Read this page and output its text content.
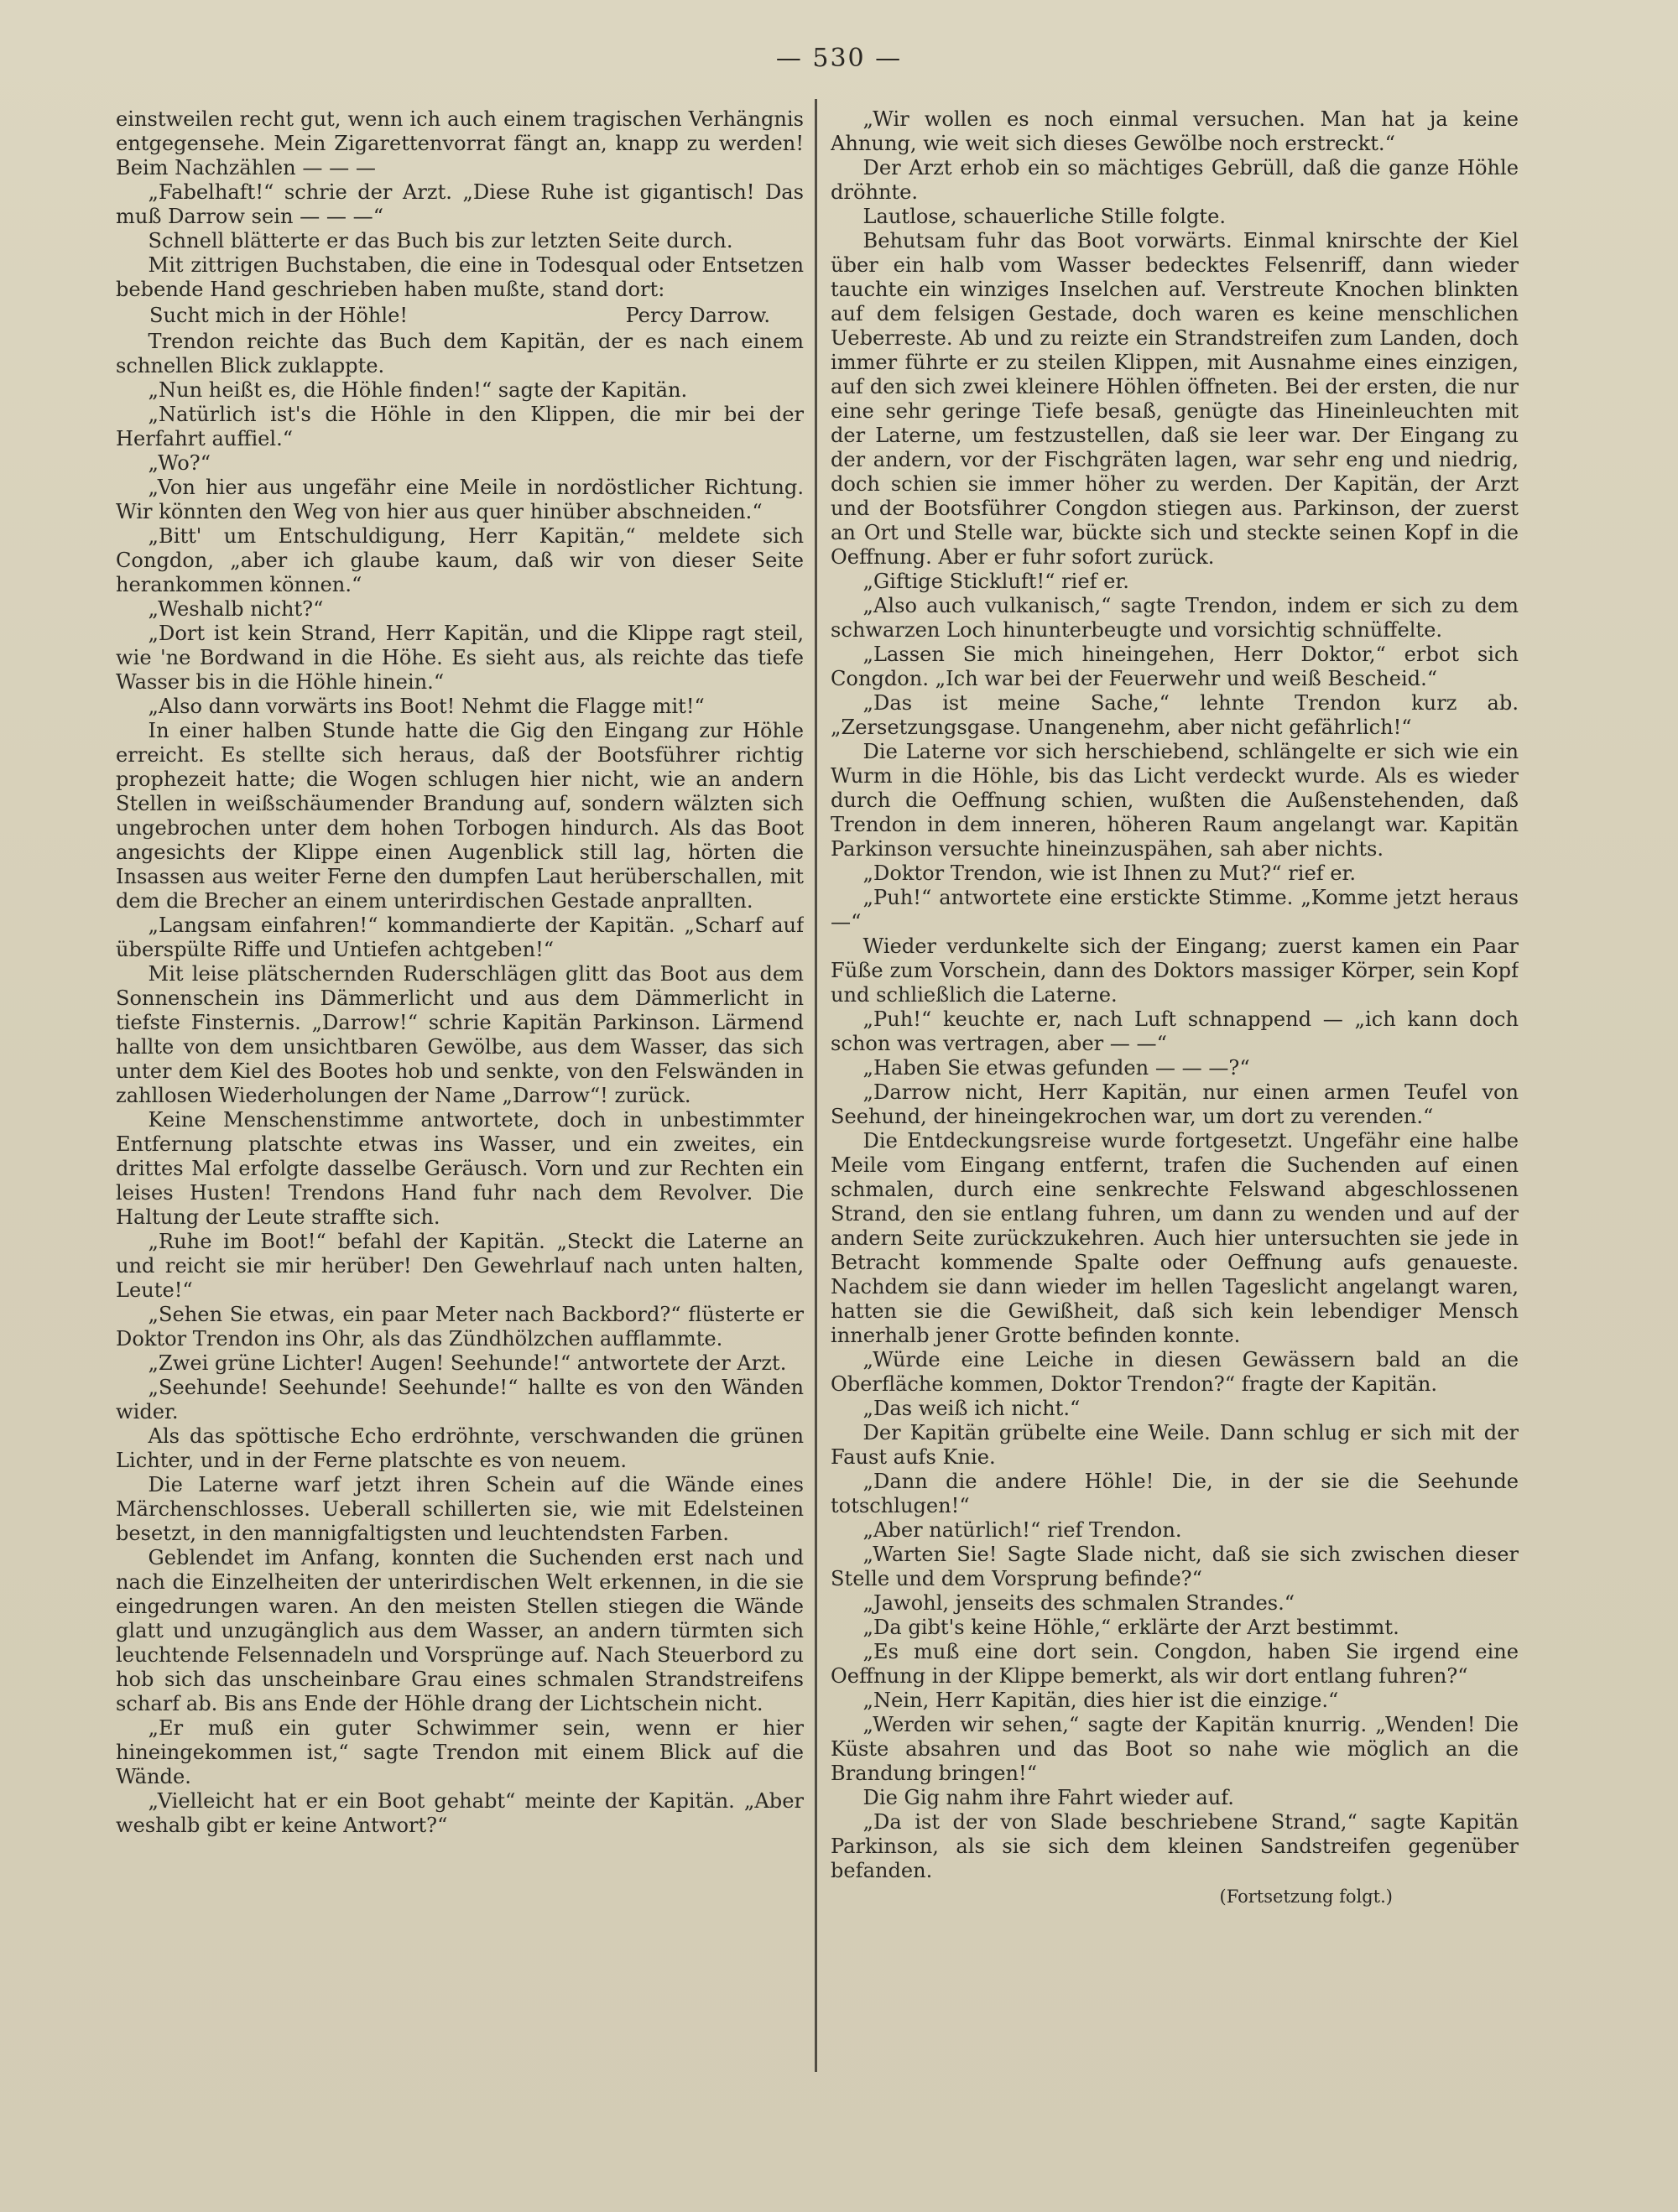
— 530 —

einstweilen recht gut, wenn ich auch einem tragischen Verhängnis entgegensehe. Mein Zigarettenvorrat fängt an, knapp zu werden! Beim Nachzählen — — —

„Fabelhaft!“ schrie der Arzt. „Diese Ruhe ist gigantisch! Das muß Darrow sein — — —“

Schnell blätterte er das Buch bis zur letzten Seite durch.

Mit zittrigen Buchstaben, die eine in Todesqual oder Entsetzen bebende Hand geschrieben haben mußte, stand dort:

Sucht mich in der Höhle!	Percy Darrow.

Trendon reichte das Buch dem Kapitän, der es nach einem schnellen Blick zuklappte.

„Nun heißt es, die Höhle finden!“ sagte der Kapitän.

„Natürlich ist's die Höhle in den Klippen, die mir bei der Herfahrt auffiel.“

„Wo?“

„Von hier aus ungefähr eine Meile in nordöstlicher Richtung. Wir könnten den Weg von hier aus quer hinüber abschneiden.“

„Bitt' um Entschuldigung, Herr Kapitän,“ meldete sich Congdon, „aber ich glaube kaum, daß wir von dieser Seite herankommen können.“

„Weshalb nicht?“

„Dort ist kein Strand, Herr Kapitän, und die Klippe ragt steil, wie 'ne Bordwand in die Höhe. Es sieht aus, als reichte das tiefe Wasser bis in die Höhle hinein.“

„Also dann vorwärts ins Boot! Nehmt die Flagge mit!“

In einer halben Stunde hatte die Gig den Eingang zur Höhle erreicht. Es stellte sich heraus, daß der Bootsführer richtig prophezeit hatte; die Wogen schlugen hier nicht, wie an andern Stellen in weißschäumender Brandung auf, sondern wälzten sich ungebrochen unter dem hohen Torbogen hindurch. Als das Boot angesichts der Klippe einen Augenblick still lag, hörten die Insassen aus weiter Ferne den dumpfen Laut herüberschallen, mit dem die Brecher an einem unterirdischen Gestade anprallten.

„Langsam einfahren!“ kommandierte der Kapitän. „Scharf auf überspülte Riffe und Untiefen achtgeben!“

Mit leise plätschernden Ruderschlägen glitt das Boot aus dem Sonnenschein ins Dämmerlicht und aus dem Dämmerlicht in tiefste Finsternis. „Darrow!“ schrie Kapitän Parkinson. Lärmend hallte von dem unsichtbaren Gewölbe, aus dem Wasser, das sich unter dem Kiel des Bootes hob und senkte, von den Felswänden in zahllosen Wiederholungen der Name „Darrow“! zurück.

Keine Menschenstimme antwortete, doch in unbestimmter Entfernung platschte etwas ins Wasser, und ein zweites, ein drittes Mal erfolgte dasselbe Geräusch. Vorn und zur Rechten ein leises Husten! Trendons Hand fuhr nach dem Revolver. Die Haltung der Leute straffte sich.

„Ruhe im Boot!“ befahl der Kapitän. „Steckt die Laterne an und reicht sie mir herüber! Den Gewehrlauf nach unten halten, Leute!“

„Sehen Sie etwas, ein paar Meter nach Backbord?“ flüsterte er Doktor Trendon ins Ohr, als das Zündhölzchen aufflammte.

„Zwei grüne Lichter! Augen! Seehunde!“ antwortete der Arzt.

„Seehunde! Seehunde! Seehunde!“ hallte es von den Wänden wider.

Als das spöttische Echo erdröhnte, verschwanden die grünen Lichter, und in der Ferne platschte es von neuem.

Die Laterne warf jetzt ihren Schein auf die Wände eines Märchenschlosses. Ueberall schillerten sie, wie mit Edelsteinen besetzt, in den mannigfaltigsten und leuchtendsten Farben.

Geblendet im Anfang, konnten die Suchenden erst nach und nach die Einzelheiten der unterirdischen Welt erkennen, in die sie eingedrungen waren. An den meisten Stellen stiegen die Wände glatt und unzugänglich aus dem Wasser, an andern türmten sich leuchtende Felsennadeln und Vorsprünge auf. Nach Steuerbord zu hob sich das unscheinbare Grau eines schmalen Strandstreifens scharf ab. Bis ans Ende der Höhle drang der Lichtschein nicht.

„Er muß ein guter Schwimmer sein, wenn er hier hineingekommen ist,“ sagte Trendon mit einem Blick auf die Wände.

„Vielleicht hat er ein Boot gehabt“ meinte der Kapitän. „Aber weshalb gibt er keine Antwort?“

„Wir wollen es noch einmal versuchen. Man hat ja keine Ahnung, wie weit sich dieses Gewölbe noch erstreckt.“

Der Arzt erhob ein so mächtiges Gebrüll, daß die ganze Höhle dröhnte.

Lautlose, schauerliche Stille folgte.

Behutsam fuhr das Boot vorwärts. Einmal knirschte der Kiel über ein halb vom Wasser bedecktes Felsenriff, dann wieder tauchte ein winziges Inselchen auf. Verstreute Knochen blinkten auf dem felsigen Gestade, doch waren es keine menschlichen Ueberreste. Ab und zu reizte ein Strandstreifen zum Landen, doch immer führte er zu steilen Klippen, mit Ausnahme eines einzigen, auf den sich zwei kleinere Höhlen öffneten. Bei der ersten, die nur eine sehr geringe Tiefe besaß, genügte das Hineinleuchten mit der Laterne, um festzustellen, daß sie leer war. Der Eingang zu der andern, vor der Fischgräten lagen, war sehr eng und niedrig, doch schien sie immer höher zu werden. Der Kapitän, der Arzt und der Bootsführer Congdon stiegen aus. Parkinson, der zuerst an Ort und Stelle war, bückte sich und steckte seinen Kopf in die Oeffnung. Aber er fuhr sofort zurück.

„Giftige Stickluft!“ rief er.

„Also auch vulkanisch,“ sagte Trendon, indem er sich zu dem schwarzen Loch hinunterbeugte und vorsichtig schnüffelte.

„Lassen Sie mich hineingehen, Herr Doktor,“ erbot sich Congdon. „Ich war bei der Feuerwehr und weiß Bescheid.“

„Das ist meine Sache,“ lehnte Trendon kurz ab. „Zersetzungsgase. Unangenehm, aber nicht gefährlich!“

Die Laterne vor sich herschiebend, schlängelte er sich wie ein Wurm in die Höhle, bis das Licht verdeckt wurde. Als es wieder durch die Oeffnung schien, wußten die Außenstehenden, daß Trendon in dem inneren, höheren Raum angelangt war. Kapitän Parkinson versuchte hineinzuspähen, sah aber nichts.

„Doktor Trendon, wie ist Ihnen zu Mut?“ rief er.

„Puh!“ antwortete eine erstickte Stimme. „Komme jetzt heraus —“

Wieder verdunkelte sich der Eingang; zuerst kamen ein Paar Füße zum Vorschein, dann des Doktors massiger Körper, sein Kopf und schließlich die Laterne.

„Puh!“ keuchte er, nach Luft schnappend — „ich kann doch schon was vertragen, aber — —“

„Haben Sie etwas gefunden — — —?“

„Darrow nicht, Herr Kapitän, nur einen armen Teufel von Seehund, der hineingekrochen war, um dort zu verenden.“

Die Entdeckungsreise wurde fortgesetzt. Ungefähr eine halbe Meile vom Eingang entfernt, trafen die Suchenden auf einen schmalen, durch eine senkrechte Felswand abgeschlossenen Strand, den sie entlang fuhren, um dann zu wenden und auf der andern Seite zurückzukehren. Auch hier untersuchten sie jede in Betracht kommende Spalte oder Oeffnung aufs genaueste. Nachdem sie dann wieder im hellen Tageslicht angelangt waren, hatten sie die Gewißheit, daß sich kein lebendiger Mensch innerhalb jener Grotte befinden konnte.

„Würde eine Leiche in diesen Gewässern bald an die Oberfläche kommen, Doktor Trendon?“ fragte der Kapitän.

„Das weiß ich nicht.“

Der Kapitän grübelte eine Weile. Dann schlug er sich mit der Faust aufs Knie.

„Dann die andere Höhle! Die, in der sie die Seehunde totschlugen!“

„Aber natürlich!“ rief Trendon.

„Warten Sie! Sagte Slade nicht, daß sie sich zwischen dieser Stelle und dem Vorsprung befinde?“

„Jawohl, jenseits des schmalen Strandes.“

„Da gibt's keine Höhle,“ erklärte der Arzt bestimmt.

„Es muß eine dort sein. Congdon, haben Sie irgend eine Oeffnung in der Klippe bemerkt, als wir dort entlang fuhren?“

„Nein, Herr Kapitän, dies hier ist die einzige.“

„Werden wir sehen,“ sagte der Kapitän knurrig. „Wenden! Die Küste absahren und das Boot so nahe wie möglich an die Brandung bringen!“

Die Gig nahm ihre Fahrt wieder auf.

„Da ist der von Slade beschriebene Strand,“ sagte Kapitän Parkinson, als sie sich dem kleinen Sandstreifen gegenüber befanden.

(Fortsetzung folgt.)
